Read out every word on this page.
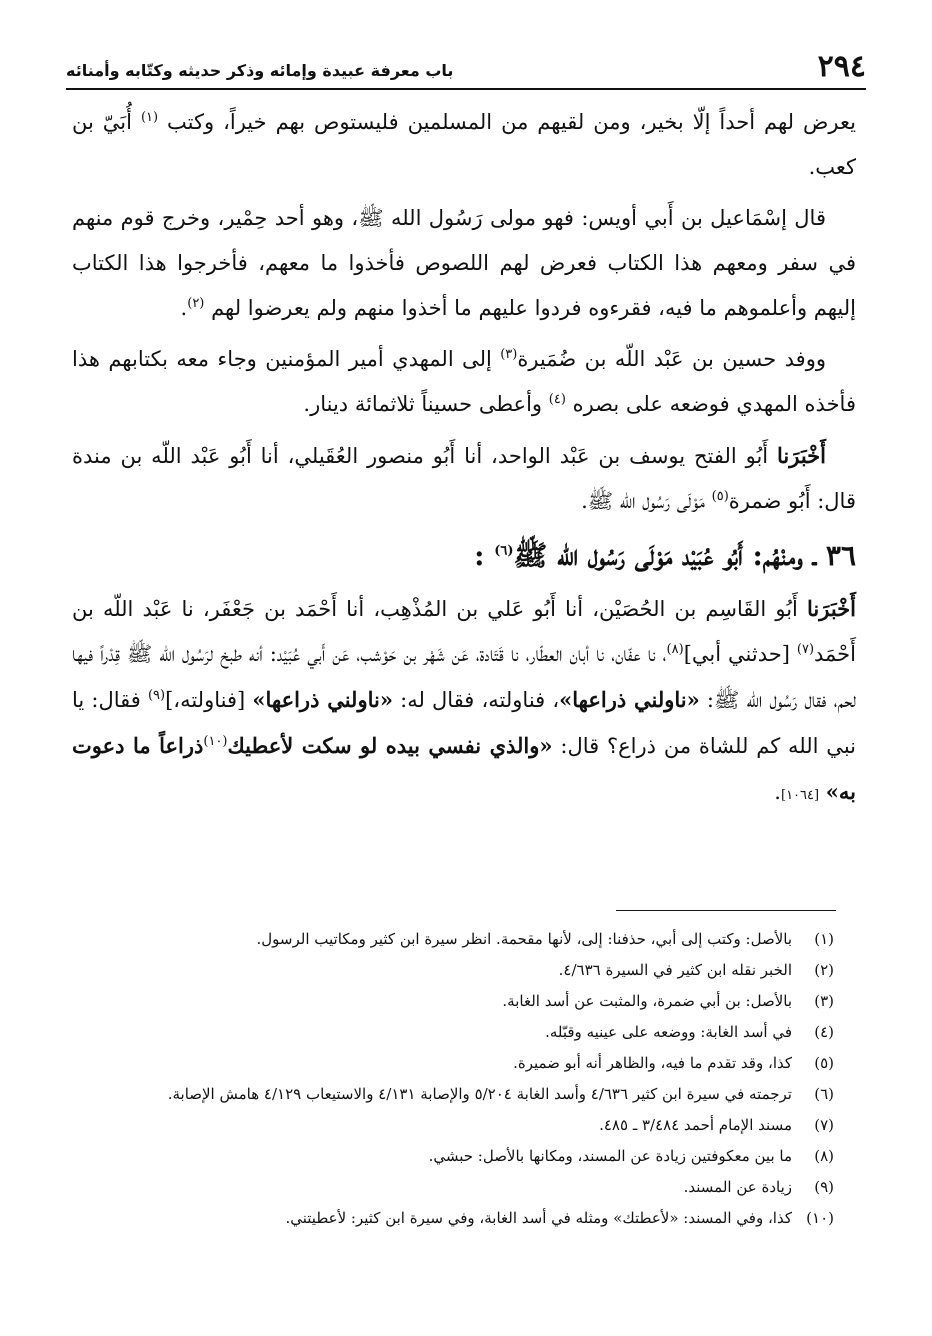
٢٩٤
باب معرفة عبيدة وإمائه وذكر حديثه وكتّابه وأمنائه

يعرض لهم أحداً إلّا بخير، ومن لقيهم من المسلمين فليستوص بهم خيراً، وكتب $^{(١)}$ أُبَيّ بن كعب.

قال إسْمَاعيل بن أَبي أويس: فهو مولى رَسُول الله ﷺ، وهو أحد حِمْير، وخرج قوم منهم في سفر ومعهم هذا الكتاب فعرض لهم اللصوص فأخذوا ما معهم، فأخرجوا هذا الكتاب إليهم وأعلموهم ما فيه، فقرءوه فردوا عليهم ما أخذوا منهم ولم يعرضوا لهم $^{(٢)}$.

ووفد حسين بن عَبْد اللّه بن ضُمَيرة$^{(٣)}$ إلى المهدي أمير المؤمنين وجاء معه بكتابهم هذا فأخذه المهدي فوضعه على بصره $^{(٤)}$ وأعطى حسيناً ثلاثمائة دينار.

أَخْبَرَنا أَبُو الفتح يوسف بن عَبْد الواحد، أنا أَبُو منصور العُقَيلي، أنا أَبُو عَبْد اللّه بن مندة قال: أَبُو ضمرة$^{(٥)}$ مَوْلَى رَسُول الله ﷺ.

٣٦ ـ ومنْهُم: أَبُو عُبَيْد مَوْلَى رَسُول الله ﷺ$^{(٦)}$ :

أَخْبَرَنا أَبُو القَاسِم بن الحُصَيْن، أنا أَبُو عَلي بن المُذْهِب، أنا أَحْمَد بن جَعْفَر، نا عَبْد اللّه بن أَحْمَد$^{(٧)}$ [حدثني أبي]$^{(٨)}$، نا عفّان، نا أبان العطّار، نا قَتَادة، عَن شَهْر بن حَوْشب، عَن أَبي عُبَيْد: أنه طبخ لرَسُول الله ﷺ قِدْراً فيها لحم، فقال رَسُول الله ﷺ: «ناولني ذراعها»، فناولته، فقال له: «ناولني ذراعها» [فناولته،]$^{(٩)}$ فقال: يا نبي الله كم للشاة من ذراع؟ قال: «والذي نفسي بيده لو سكت لأعطيك$^{(١٠)}$ذراعاً ما دعوت به» [١٠٦٤].

(١)
بالأصل: وكتب إلى أبي، حذفنا: إلى، لأنها مقحمة. انظر سيرة ابن كثير ومكاتيب الرسول.
(٢)
الخبر نقله ابن كثير في السيرة ٤/٦٣٦.
(٣)
بالأصل: بن أبي ضمرة، والمثبت عن أسد الغابة.
(٤)
في أسد الغابة: ووضعه على عينيه وقبّله.
(٥)
كذا، وقد تقدم ما فيه، والظاهر أنه أبو ضميرة.
(٦)
ترجمته في سيرة ابن كثير ٤/٦٣٦ وأسد الغابة ٥/٢٠٤ والإصابة ٤/١٣١ والاستيعاب ٤/١٢٩ هامش الإصابة.
(٧)
مسند الإمام أحمد ٣/٤٨٤ ـ ٤٨٥.
(٨)
ما بين معكوفتين زيادة عن المسند، ومكانها بالأصل: حبشي.
(٩)
زيادة عن المسند.
(١٠)
كذا، وفي المسند: «لأعطتك» ومثله في أسد الغابة، وفي سيرة ابن كثير: لأعطيتني.
